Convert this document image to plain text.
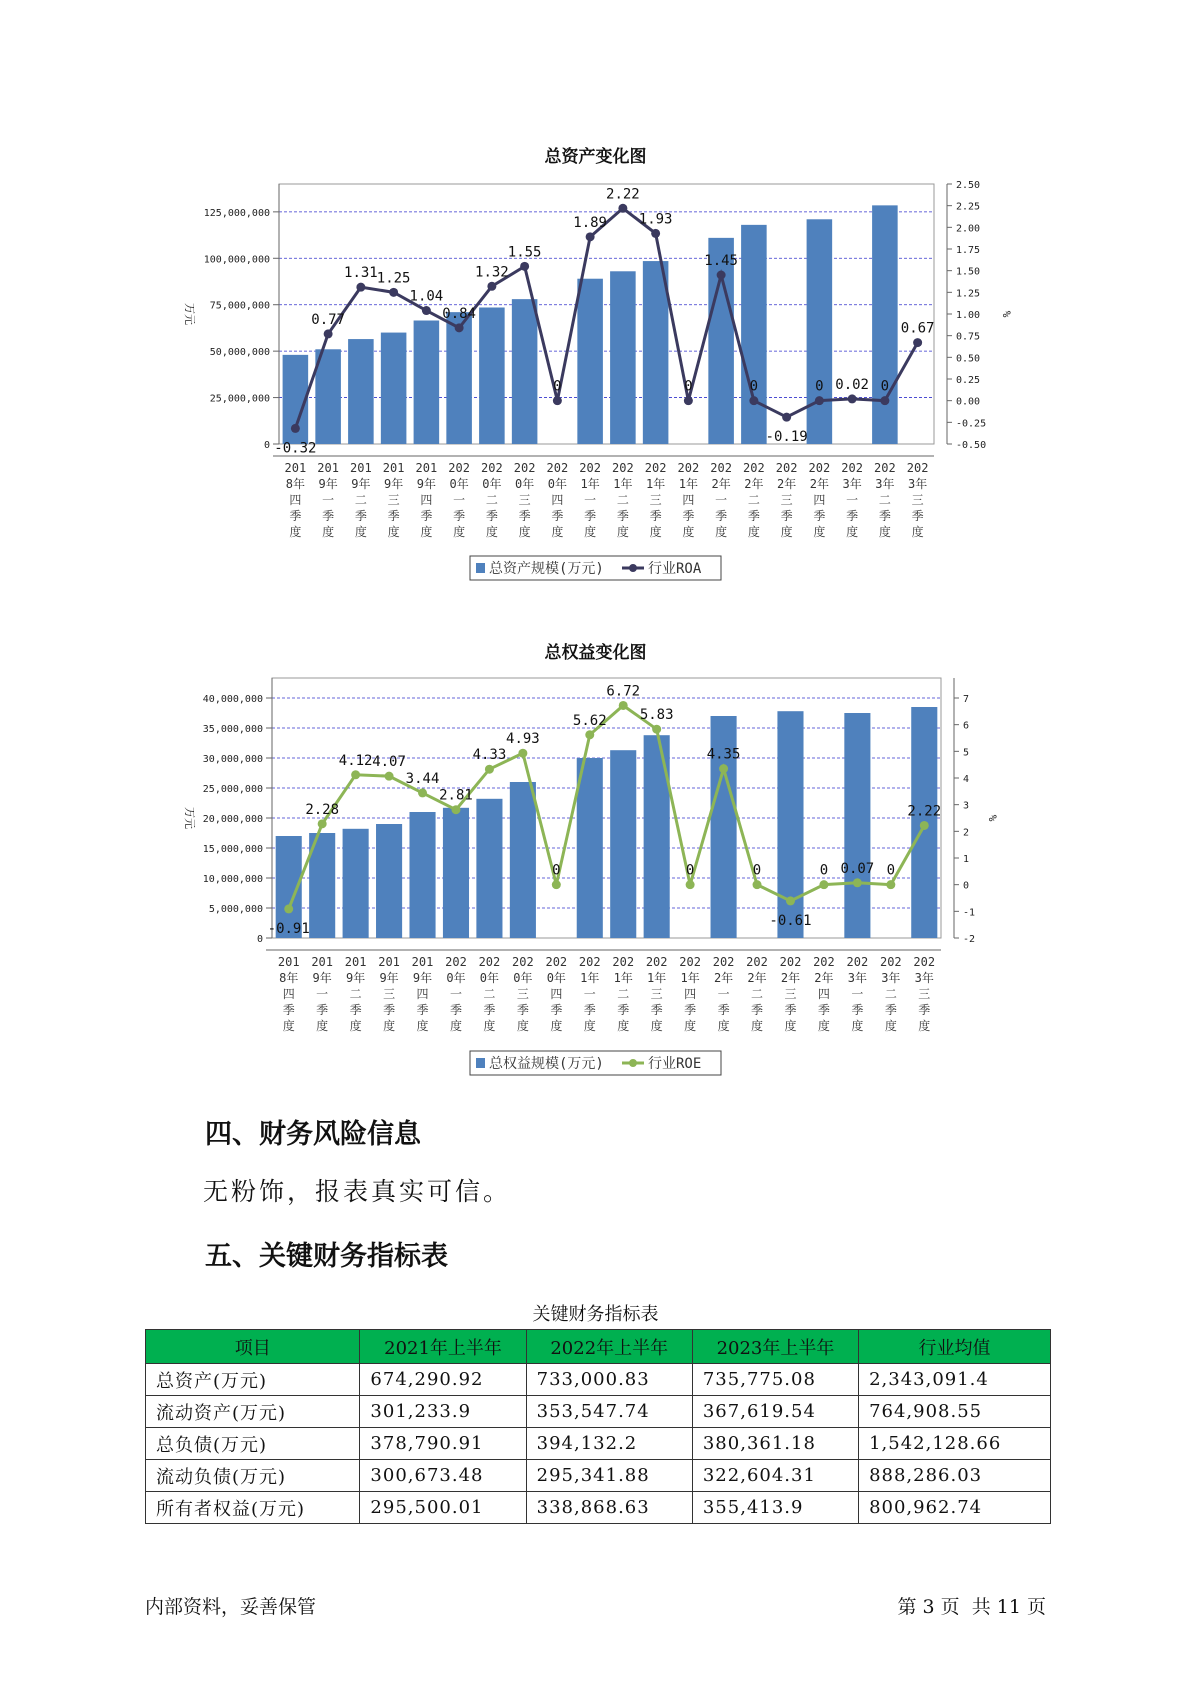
总资产变化图
0
25,000,000
50,000,000
75,000,000
100,000,000
125,000,000
万元
-0.50
-0.25
0.00
0.25
0.50
0.75
1.00
1.25
1.50
1.75
2.00
2.25
2.50
%
-0.32
0.77
1.31 1.25
1.04
0.84
1.32
1.55
0
1.89
2.22
1.93
0
1.45
0
-0.19
0 0.02 0
0.67
201
8年
四
季
度
201
9年
一
季
度
201
9年
二
季
度
201
9年
三
季
度
201
9年
四
季
度
202
0年
一
季
度
202
0年
二
季
度
202
0年
三
季
度
202
0年
四
季
度
202
1年
一
季
度
202
1年
二
季
度
202
1年
三
季
度
202
1年
四
季
度
202
2年
一
季
度
202
2年
二
季
度
202
2年
三
季
度
202
2年
四
季
度
202
3年
一
季
度
202
3年
二
季
度
202
3年
三
季
度
总资产规模(万元)	行业ROA
总权益变化图
0
5,000,000
10,000,000
15,000,000
20,000,000
25,000,000
30,000,000
35,000,000
40,000,000
万元
-2
-1
0
1
2
3
4
5
6
7
%
-0.91
2.28
4.12 4.07
3.44
2.81
4.33
4.93
0
5.62
6.72
5.83
0
4.35
0
-0.61
0 0.07 0
2.22
201
8年
四
季
度
201
9年
一
季
度
201
9年
二
季
度
201
9年
三
季
度
201
9年
四
季
度
202
0年
一
季
度
202
0年
二
季
度
202
0年
三
季
度
202
0年
四
季
度
202
1年
一
季
度
202
1年
二
季
度
202
1年
三
季
度
202
1年
四
季
度
202
2年
一
季
度
202
2年
二
季
度
202
2年
三
季
度
202
2年
四
季
度
202
3年
一
季
度
202
3年
二
季
度
202
3年
三
季
度
总权益规模(万元)	行业ROE
四、财务风险信息
无粉饰，报表真实可信。
五、关键财务指标表
关键财务指标表
项目	2021年上半年	2022年上半年	2023年上半年	行业均值
总资产(万元)	674,290.92	733,000.83	735,775.08	2,343,091.4
流动资产(万元)	301,233.9	353,547.74	367,619.54	764,908.55
总负债(万元)	378,790.91	394,132.2	380,361.18	1,542,128.66
流动负债(万元)	300,673.48	295,341.88	322,604.31	888,286.03
所有者权益(万元)	295,500.01	338,868.63	355,413.9	800,962.74
内部资料，妥善保管	第 3 页  共 11 页
